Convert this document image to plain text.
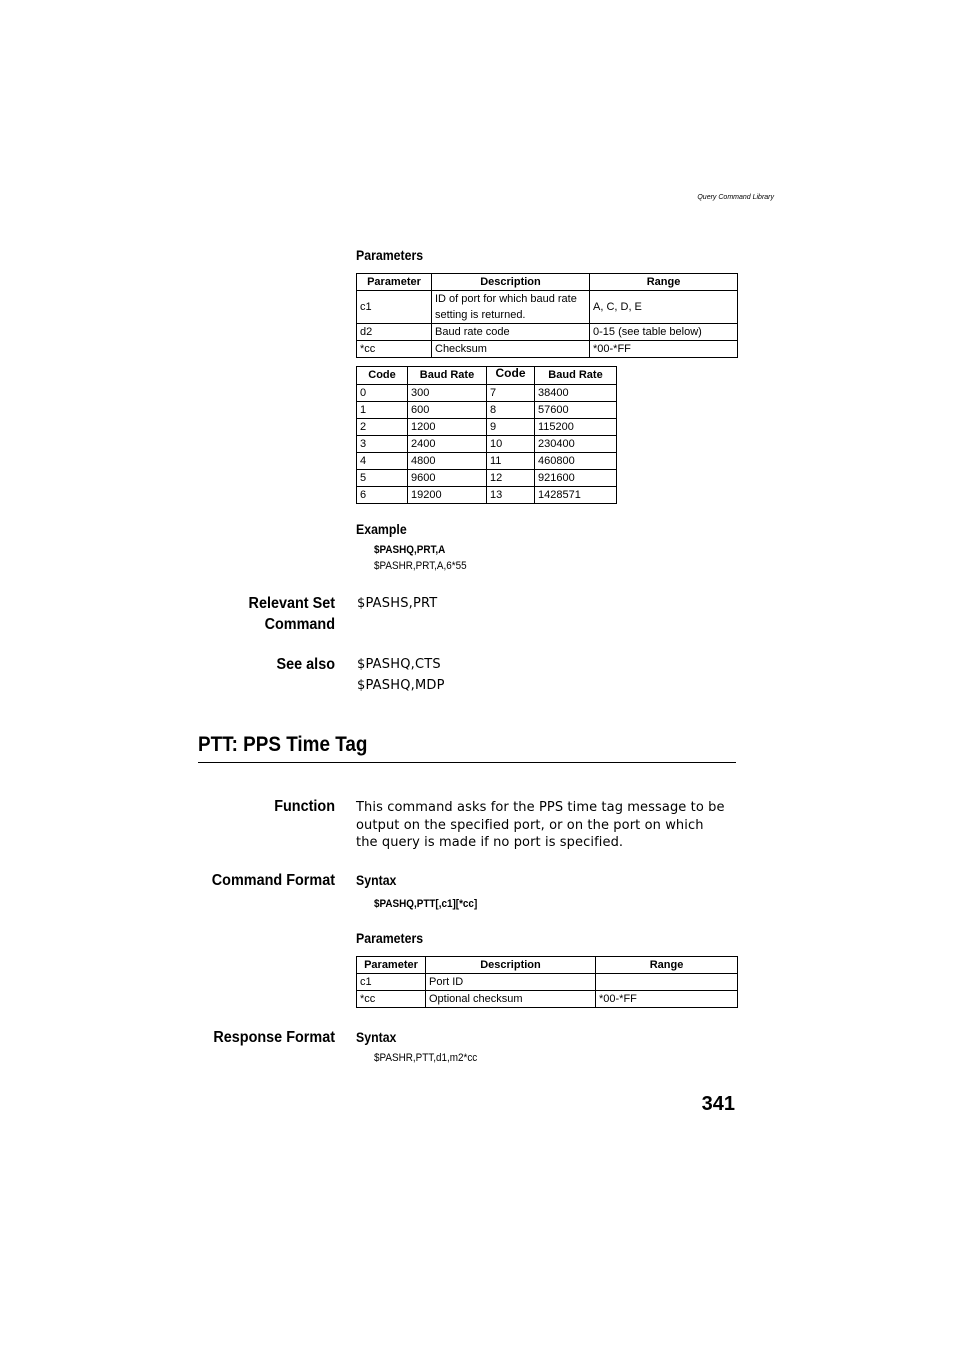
Query Command Library
Parameters
Parameter	Description	Range
c1	ID of port for which baud rate setting is returned.	A, C, D, E
d2	Baud rate code	0-15 (see table below)
*cc	Checksum	*00-*FF
Code	Baud Rate	Code	Baud Rate
0	300	7	38400
1	600	8	57600
2	1200	9	115200
3	2400	10	230400
4	4800	11	460800
5	9600	12	921600
6	19200	13	1428571
Example
$PASHQ,PRT,A
$PASHR,PRT,A,6*55
Relevant Set
Command
$PASHS,PRT
See also $PASHQ,CTS
$PASHQ,MDP
PTT: PPS Time Tag
Function This command asks for the PPS time tag message to be output on the specified port, or on the port on which the query is made if no port is specified.
Command Format Syntax
$PASHQ,PTT[,c1][*cc]
Parameters
Parameter	Description	Range
c1	Port ID	
*cc	Optional checksum	*00-*FF
Response Format Syntax
$PASHR,PTT,d1,m2*cc
341
